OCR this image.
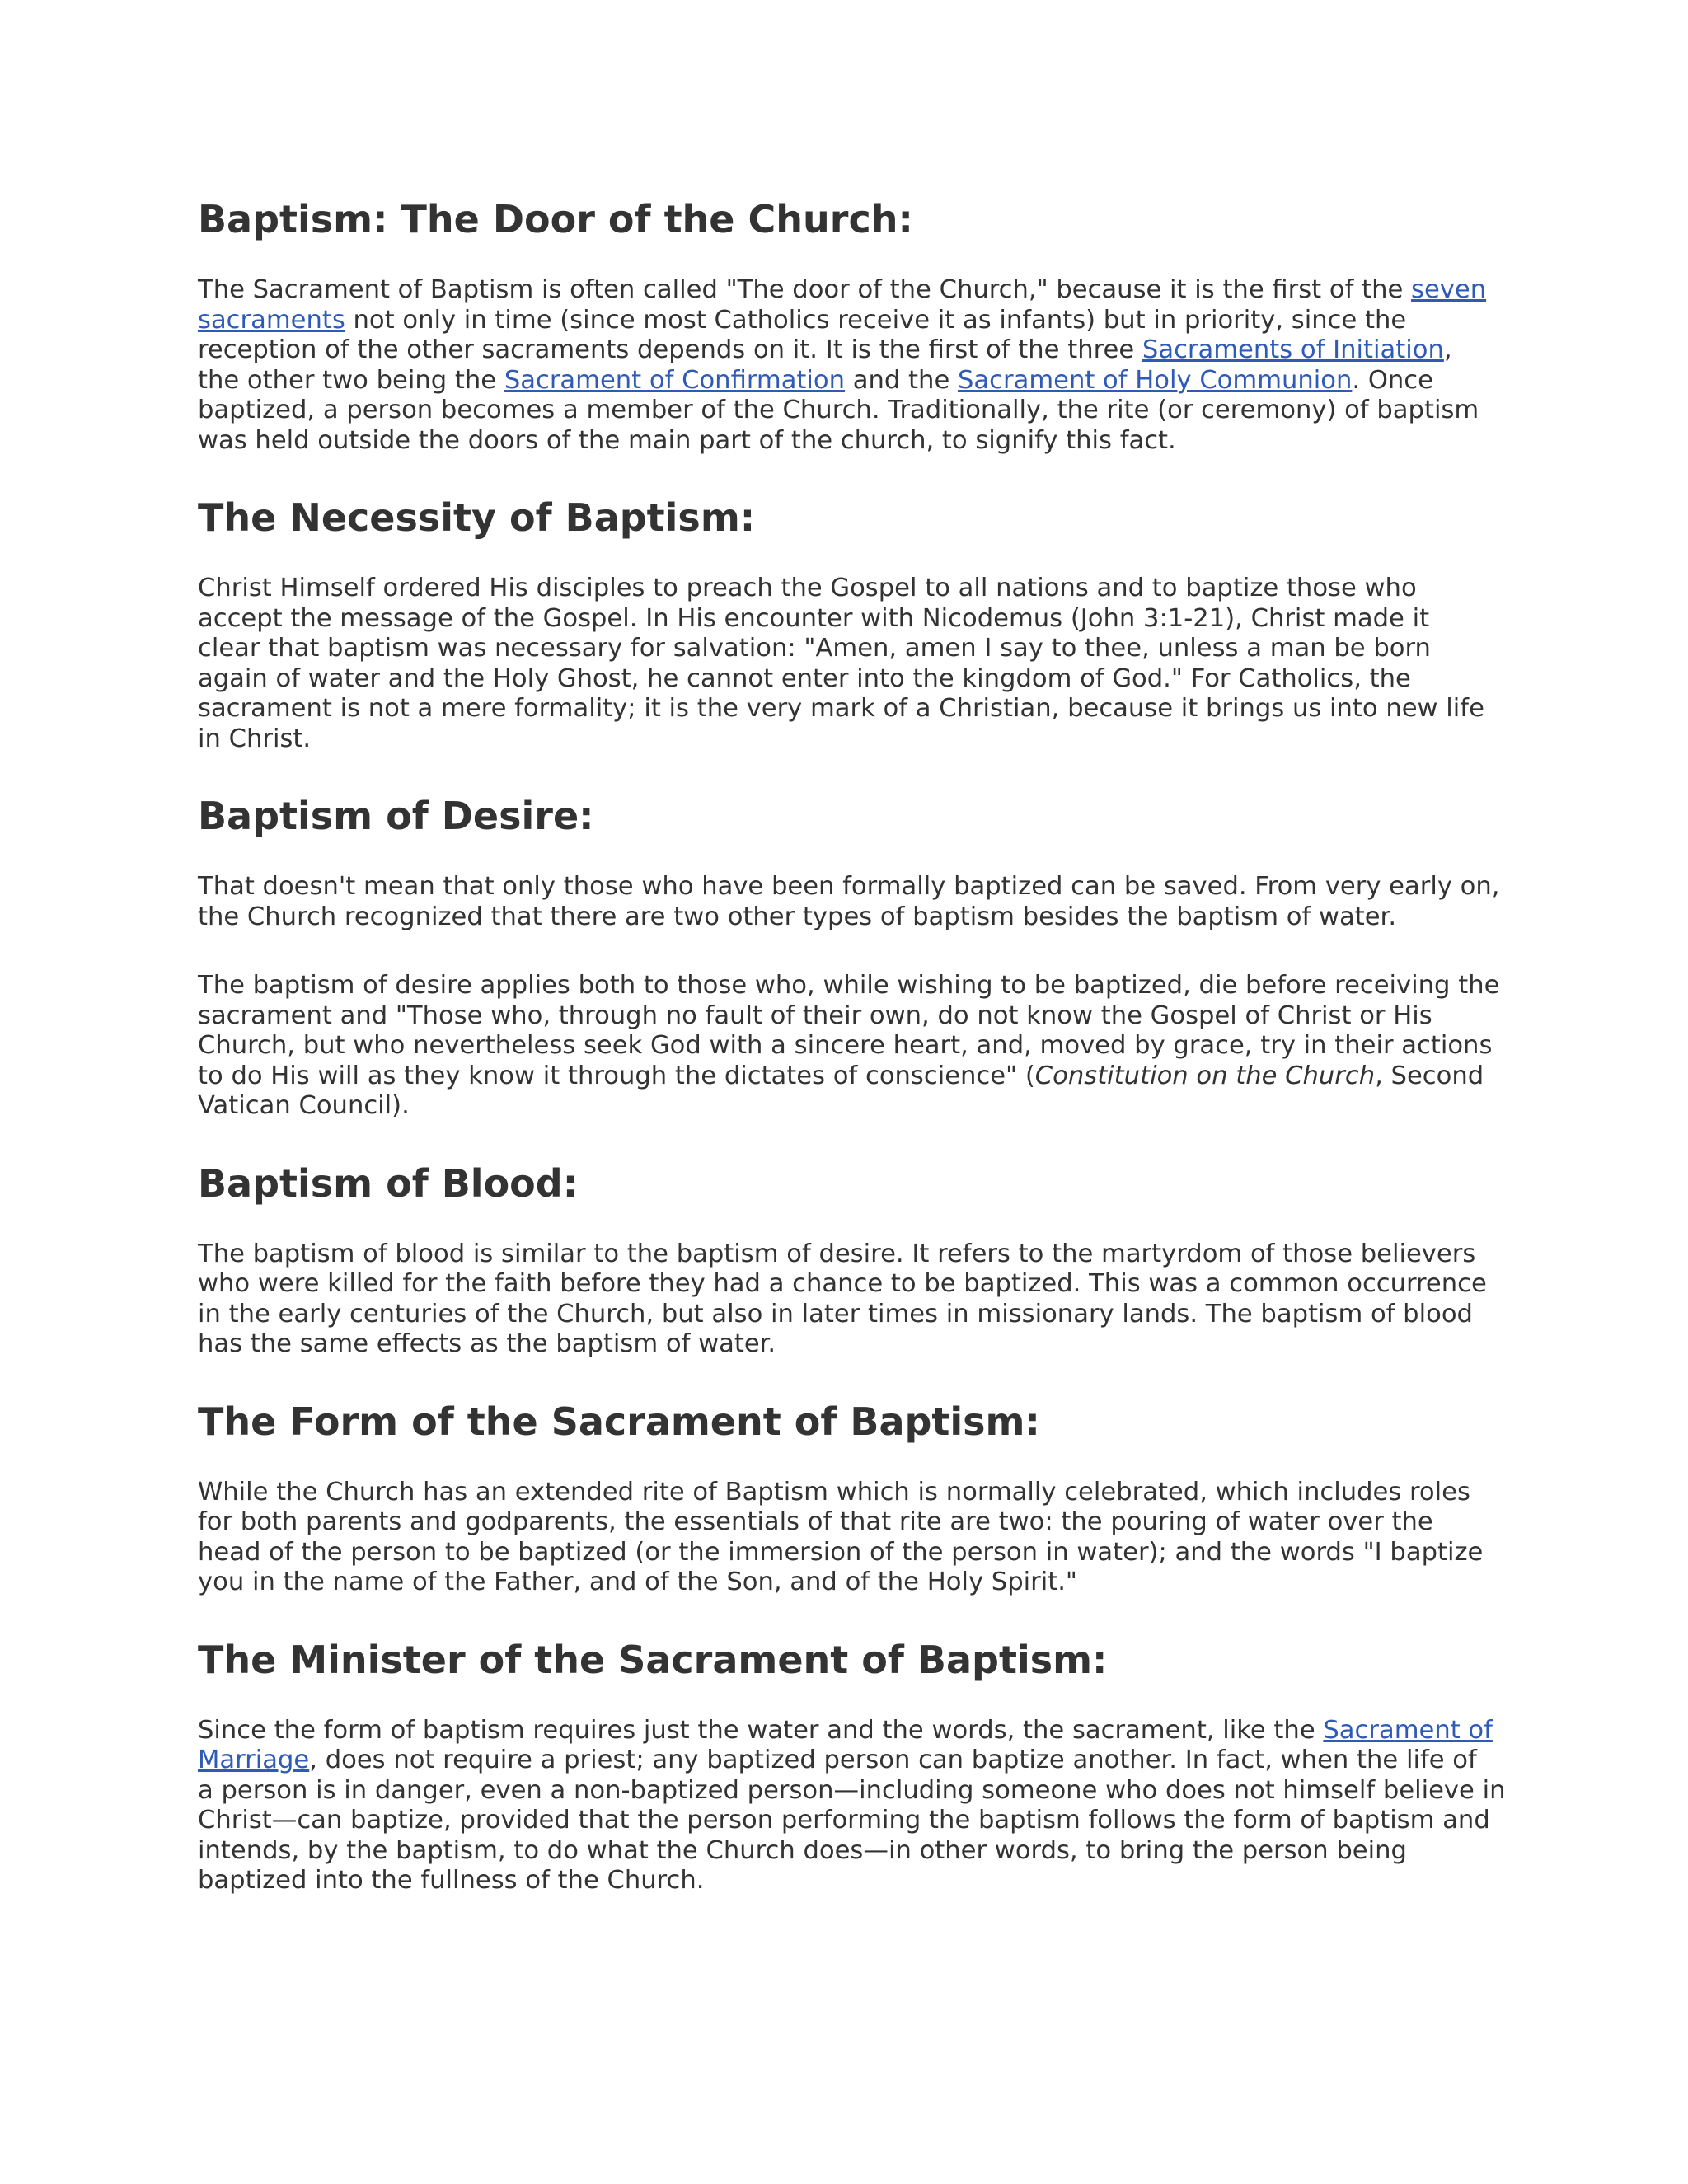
Baptism: The Door of the Church:

The Sacrament of Baptism is often called "The door of the Church," because it is the first of the seven
sacraments not only in time (since most Catholics receive it as infants) but in priority, since the
reception of the other sacraments depends on it. It is the first of the three Sacraments of Initiation,
the other two being the Sacrament of Confirmation and the Sacrament of Holy Communion. Once
baptized, a person becomes a member of the Church. Traditionally, the rite (or ceremony) of baptism
was held outside the doors of the main part of the church, to signify this fact.

The Necessity of Baptism:

Christ Himself ordered His disciples to preach the Gospel to all nations and to baptize those who
accept the message of the Gospel. In His encounter with Nicodemus (John 3:1-21), Christ made it
clear that baptism was necessary for salvation: "Amen, amen I say to thee, unless a man be born
again of water and the Holy Ghost, he cannot enter into the kingdom of God." For Catholics, the
sacrament is not a mere formality; it is the very mark of a Christian, because it brings us into new life
in Christ.

Baptism of Desire:

That doesn't mean that only those who have been formally baptized can be saved. From very early on,
the Church recognized that there are two other types of baptism besides the baptism of water.

The baptism of desire applies both to those who, while wishing to be baptized, die before receiving the
sacrament and "Those who, through no fault of their own, do not know the Gospel of Christ or His
Church, but who nevertheless seek God with a sincere heart, and, moved by grace, try in their actions
to do His will as they know it through the dictates of conscience" (Constitution on the Church, Second
Vatican Council).

Baptism of Blood:

The baptism of blood is similar to the baptism of desire. It refers to the martyrdom of those believers
who were killed for the faith before they had a chance to be baptized. This was a common occurrence
in the early centuries of the Church, but also in later times in missionary lands. The baptism of blood
has the same effects as the baptism of water.

The Form of the Sacrament of Baptism:

While the Church has an extended rite of Baptism which is normally celebrated, which includes roles
for both parents and godparents, the essentials of that rite are two: the pouring of water over the
head of the person to be baptized (or the immersion of the person in water); and the words "I baptize
you in the name of the Father, and of the Son, and of the Holy Spirit."

The Minister of the Sacrament of Baptism:

Since the form of baptism requires just the water and the words, the sacrament, like the Sacrament of
Marriage, does not require a priest; any baptized person can baptize another. In fact, when the life of
a person is in danger, even a non-baptized person—including someone who does not himself believe in
Christ—can baptize, provided that the person performing the baptism follows the form of baptism and
intends, by the baptism, to do what the Church does—in other words, to bring the person being
baptized into the fullness of the Church.
